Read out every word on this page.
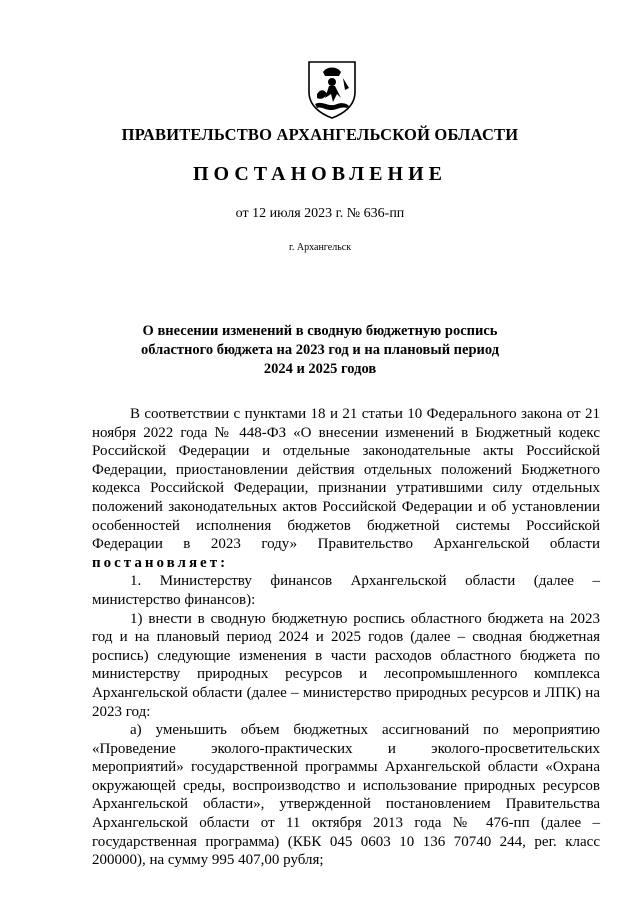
ПРАВИТЕЛЬСТВО АРХАНГЕЛЬСКОЙ ОБЛАСТИ
ПОСТАНОВЛЕНИЕ
от 12 июля 2023 г. № 636-пп
г. Архангельск
О внесении изменений в сводную бюджетную роспись
областного бюджета на 2023 год и на плановый период
2024 и 2025 годов

В соответствии с пунктами 18 и 21 статьи 10 Федерального закона от 21 ноября 2022 года № 448-ФЗ «О внесении изменений в Бюджетный кодекс Российской Федерации и отдельные законодательные акты Российской Федерации, приостановлении действия отдельных положений Бюджетного кодекса Российской Федерации, признании утратившими силу отдельных положений законодательных актов Российской Федерации и об установлении особенностей исполнения бюджетов бюджетной системы Российской Федерации в 2023 году» Правительство Архангельской области постановляет:

1. Министерству финансов Архангельской области (далее – министерство финансов):

1) внести в сводную бюджетную роспись областного бюджета на 2023 год и на плановый период 2024 и 2025 годов (далее – сводная бюджетная роспись) следующие изменения в части расходов областного бюджета по министерству природных ресурсов и лесопромышленного комплекса Архангельской области (далее – министерство природных ресурсов и ЛПК) на 2023 год:

а) уменьшить объем бюджетных ассигнований по мероприятию «Проведение эколого-практических и эколого-просветительских мероприятий» государственной программы Архангельской области «Охрана окружающей среды, воспроизводство и использование природных ресурсов Архангельской области», утвержденной постановлением Правительства Архангельской области от 11 октября 2013 года № 476-пп (далее – государственная программа) (КБК 045 0603 10 136 70740 244, рег. класс 200000), на сумму 995 407,00 рубля;
